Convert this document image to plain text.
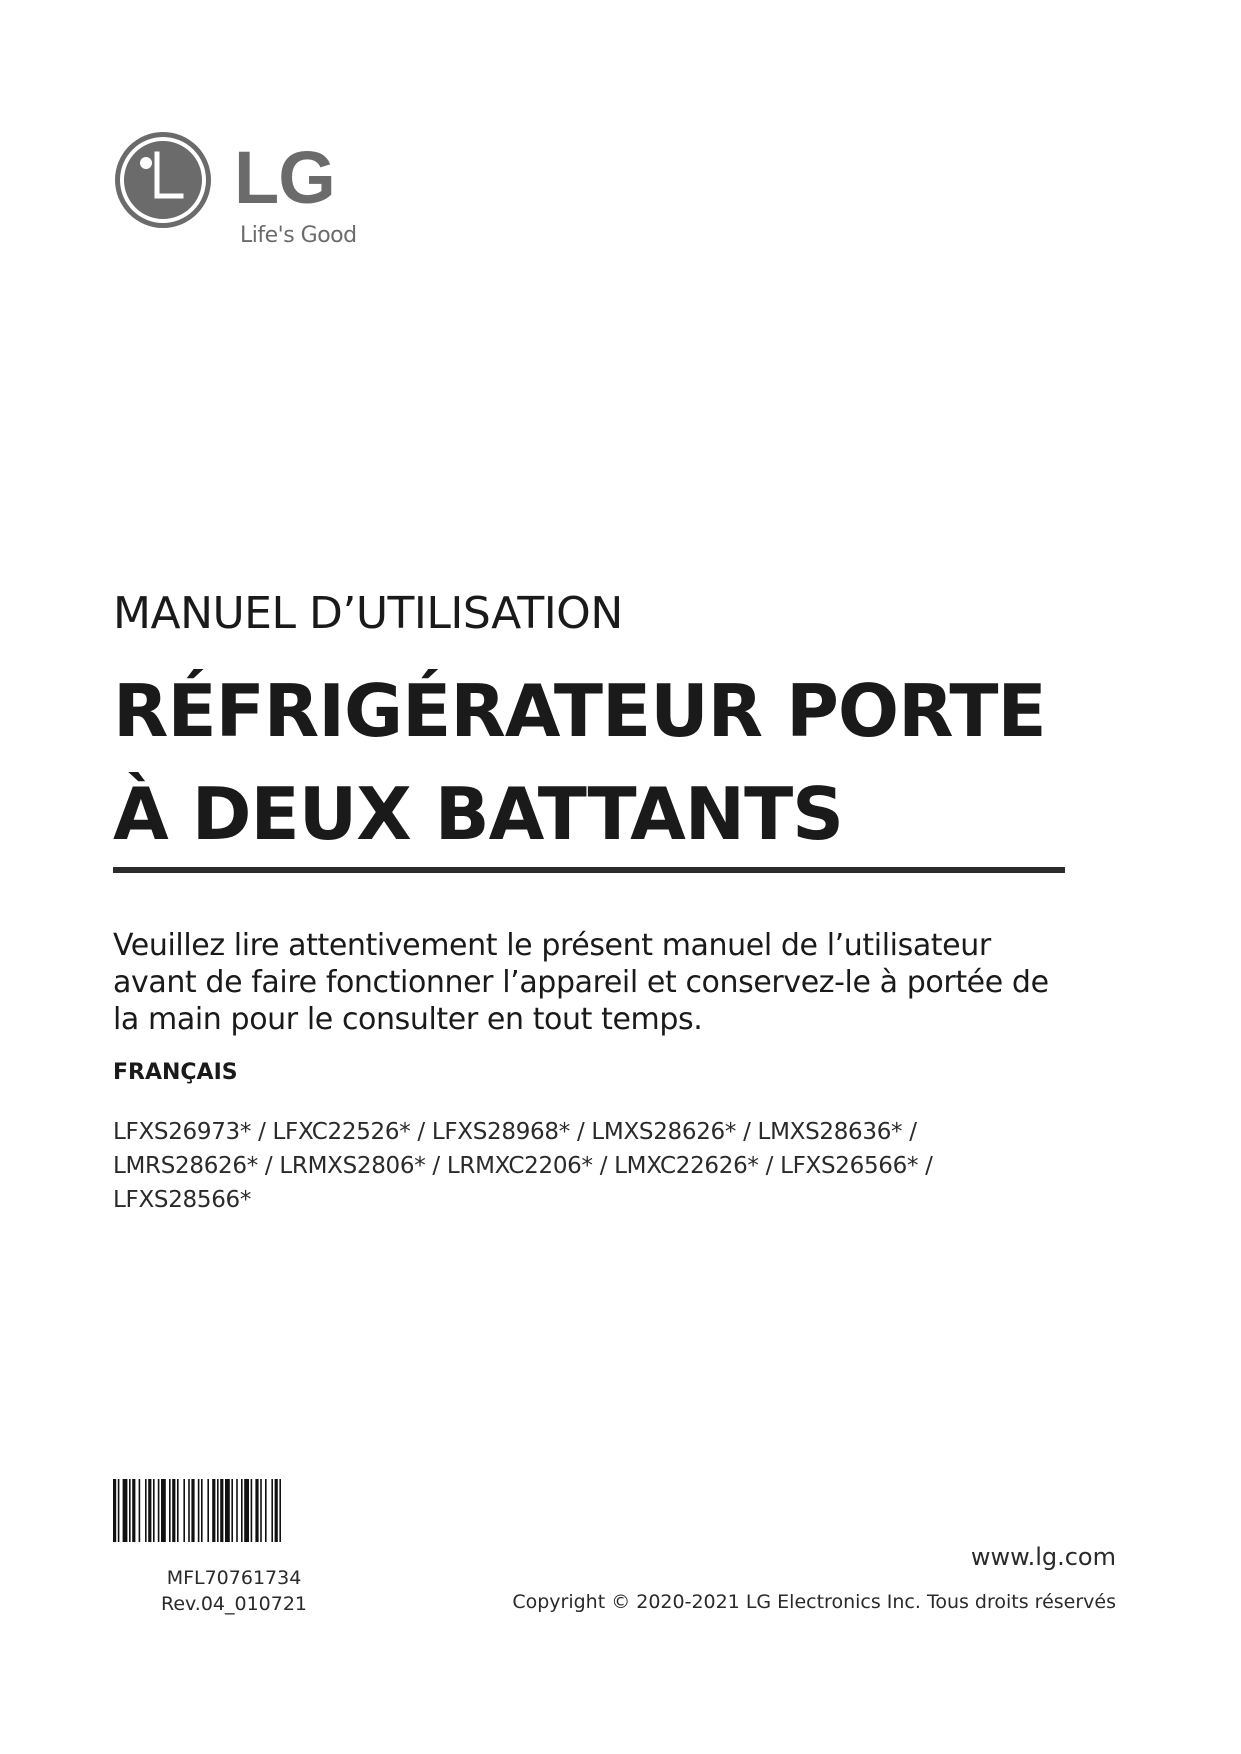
LG
Life's Good
MANUEL D’UTILISATION
RÉFRIGÉRATEUR PORTE À DEUX BATTANTS
Veuillez lire attentivement le présent manuel de l’utilisateur avant de faire fonctionner l’appareil et conservez-le à portée de la main pour le consulter en tout temps.
FRANÇAIS
LFXS26973* / LFXC22526* / LFXS28968* / LMXS28626* / LMXS28636* / LMRS28626* / LRMXS2806* / LRMXC2206* / LMXC22626* / LFXS26566* / LFXS28566*
MFL70761734
Rev.04_010721
www.lg.com
Copyright © 2020-2021 LG Electronics Inc. Tous droits réservés
